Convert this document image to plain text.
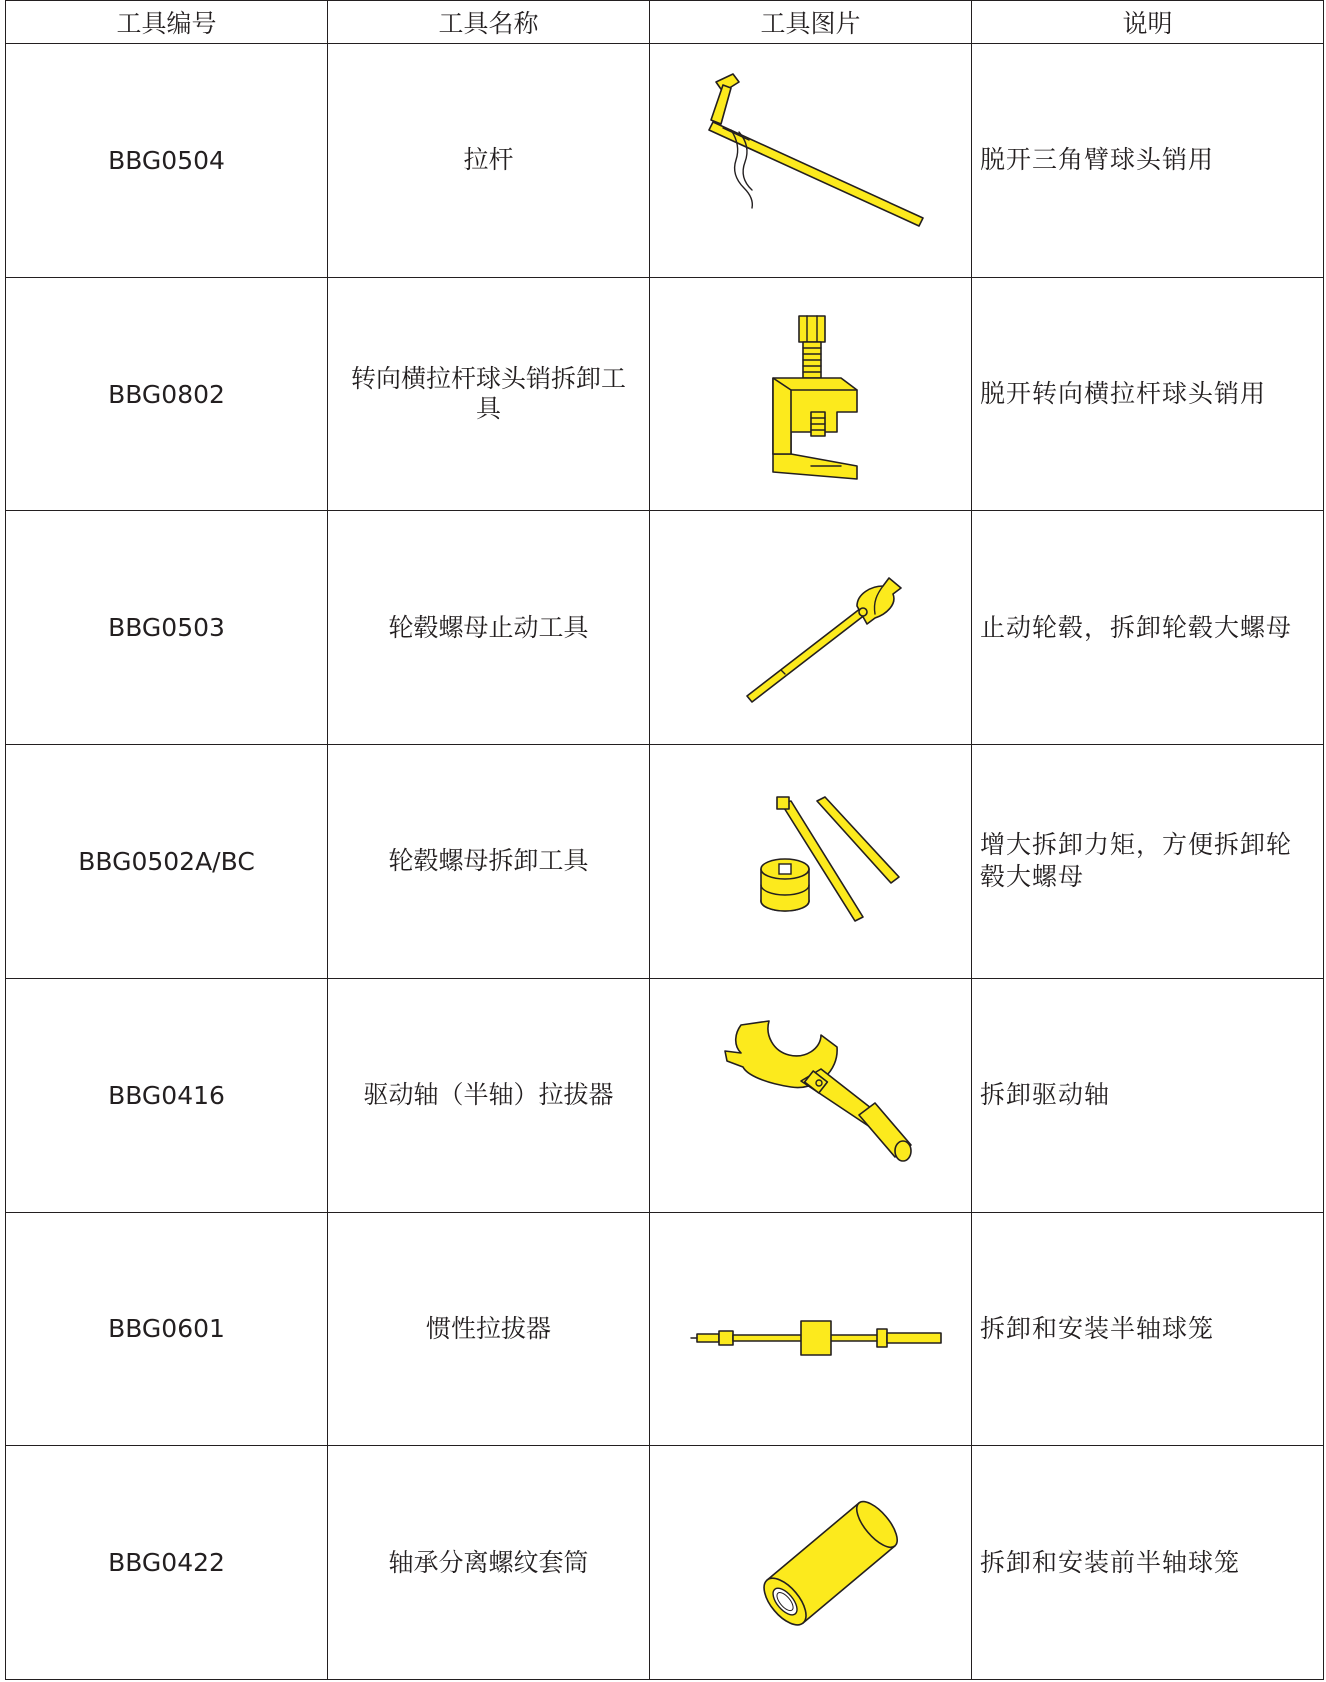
工具编号	工具名称	工具图片	说明
BBG0504	拉杆		脱开三角臂球头销用
BBG0802	转向横拉杆球头销拆卸工具		脱开转向横拉杆球头销用
BBG0503	轮毂螺母止动工具		止动轮毂，拆卸轮毂大螺母
BBG0502A/BC	轮毂螺母拆卸工具		增大拆卸力矩，方便拆卸轮毂大螺母
BBG0416	驱动轴（半轴）拉拔器		拆卸驱动轴
BBG0601	惯性拉拔器		拆卸和安装半轴球笼
BBG0422	轴承分离螺纹套筒		拆卸和安装前半轴球笼
